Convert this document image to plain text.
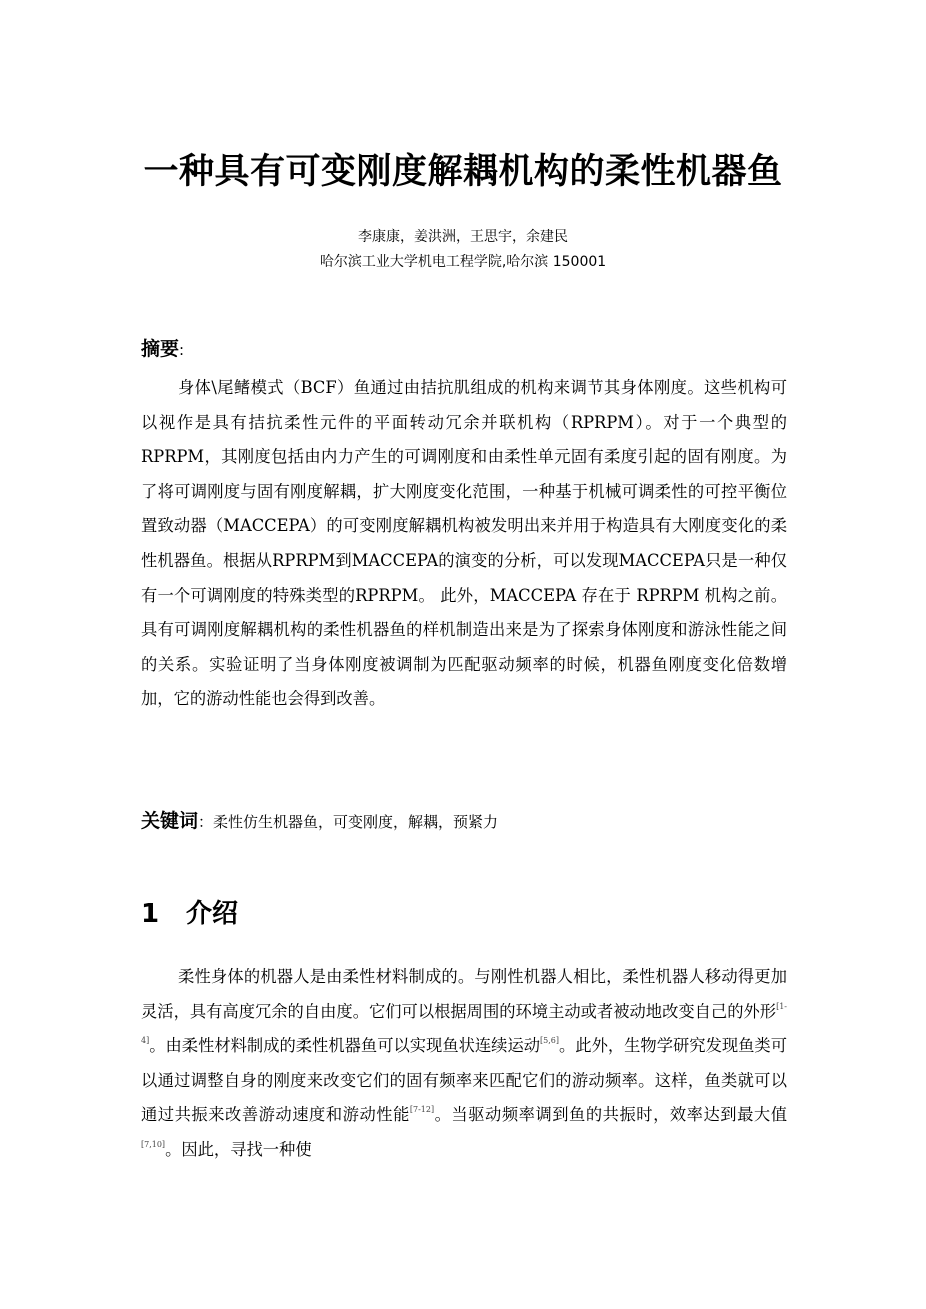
一种具有可变刚度解耦机构的柔性机器鱼
李康康，姜洪洲，王思宇，余建民
哈尔滨工业大学机电工程学院,哈尔滨 150001
摘要:

身体\尾鳍模式（BCF）鱼通过由拮抗肌组成的机构来调节其身体刚度。这些机构可以视作是具有拮抗柔性元件的平面转动冗余并联机构（RPRPM）。对于一个典型的RPRPM，其刚度包括由内力产生的可调刚度和由柔性单元固有柔度引起的固有刚度。为了将可调刚度与固有刚度解耦，扩大刚度变化范围，一种基于机械可调柔性的可控平衡位置致动器（MACCEPA）的可变刚度解耦机构被发明出来并用于构造具有大刚度变化的柔性机器鱼。根据从RPRPM到MACCEPA的演变的分析，可以发现MACCEPA只是一种仅有一个可调刚度的特殊类型的RPRPM。 此外，MACCEPA 存在于 RPRPM 机构之前。 具有可调刚度解耦机构的柔性机器鱼的样机制造出来是为了探索身体刚度和游泳性能之间的关系。实验证明了当身体刚度被调制为匹配驱动频率的时候，机器鱼刚度变化倍数增加，它的游动性能也会得到改善。

关键词：柔性仿生机器鱼，可变刚度，解耦，预紧力
1 介绍

柔性身体的机器人是由柔性材料制成的。与刚性机器人相比，柔性机器人移动得更加灵活，具有高度冗余的自由度。它们可以根据周围的环境主动或者被动地改变自己的外形[1-4]。由柔性材料制成的柔性机器鱼可以实现鱼状连续运动[5,6]。此外，生物学研究发现鱼类可以通过调整自身的刚度来改变它们的固有频率来匹配它们的游动频率。这样，鱼类就可以通过共振来改善游动速度和游动性能[7-12]。当驱动频率调到鱼的共振时，效率达到最大值[7,10]。因此，寻找一种使
